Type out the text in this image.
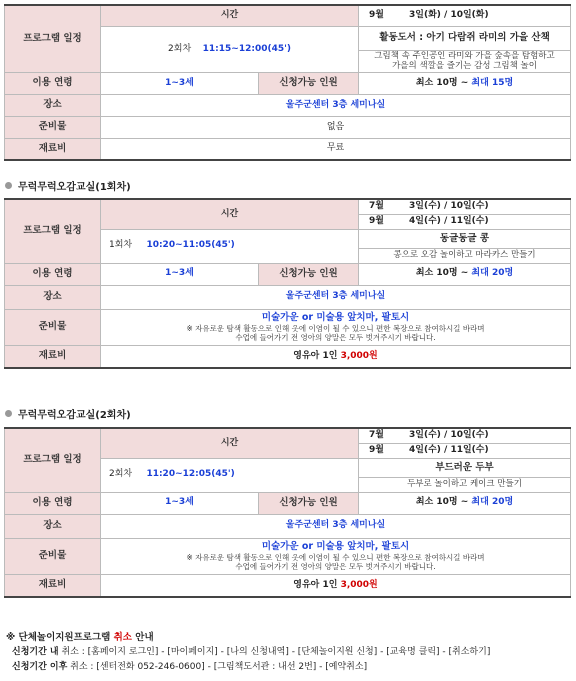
프로그램 일정	시간		9월 3일(화) / 10일(화)
	2회차 11:15~12:00(45')		활동도서 : 아기 다람쥐 라미의 가을 산책

			그림책 속 주인공인 라미와 가을 숲속을 탐험하고
가을의 색깔을 즐기는 감성 그림책 놀이

이용 연령	1~3세	신청가능 인원	최소 10명 ~ 최대 15명
장소	울주군센터 3층 세미나실		
준비물	없음		
재료비	무료		
무럭무럭오감교실(1회차)
프로그램 일정	시간		7월 3일(수) / 10일(수)
			9월 4일(수) / 11일(수)
	1회차 10:20~11:05(45')		동글동글 콩
			콩으로 오감 놀이하고 마라카스 만들기
이용 연령	1~3세	신청가능 인원	최소 10명 ~ 최대 20명
장소	울주군센터 3층 세미나실		
준비물	미술가운 or 미술용 앞치마, 팔토시
※ 자유로운 탐색 활동으로 인해 옷에 이염이 될 수 있으니 편한 복장으로 참여하시길 바라며
수업에 들어가기 전 영아의 양말은 모두 벗겨주시기 바랍니다.		

재료비	영유아 1인 3,000원		
무럭무럭오감교실(2회차)
프로그램 일정	시간		7월 3일(수) / 10일(수)
			9월 4일(수) / 11일(수)
	2회차 11:20~12:05(45')		부드러운 두부
			두부로 놀이하고 케이크 만들기
이용 연령	1~3세	신청가능 인원	최소 10명 ~ 최대 20명
장소	울주군센터 3층 세미나실		
준비물	미술가운 or 미술용 앞치마, 팔토시
※ 자유로운 탐색 활동으로 인해 옷에 이염이 될 수 있으니 편한 복장으로 참여하시길 바라며
수업에 들어가기 전 영아의 양말은 모두 벗겨주시기 바랍니다.		

재료비	영유아 1인 3,000원		
※ 단체놀이지원프로그램 취소 안내
신청기간 내 취소 : [홈페이지 로그인] - [마이페이지] - [나의 신청내역] - [단체놀이지원 신청] - [교육명 클릭] - [취소하기]
신청기간 이후 취소 : [센터전화 052-246-0600] - [그림책도서관 : 내선 2번] - [예약취소]
